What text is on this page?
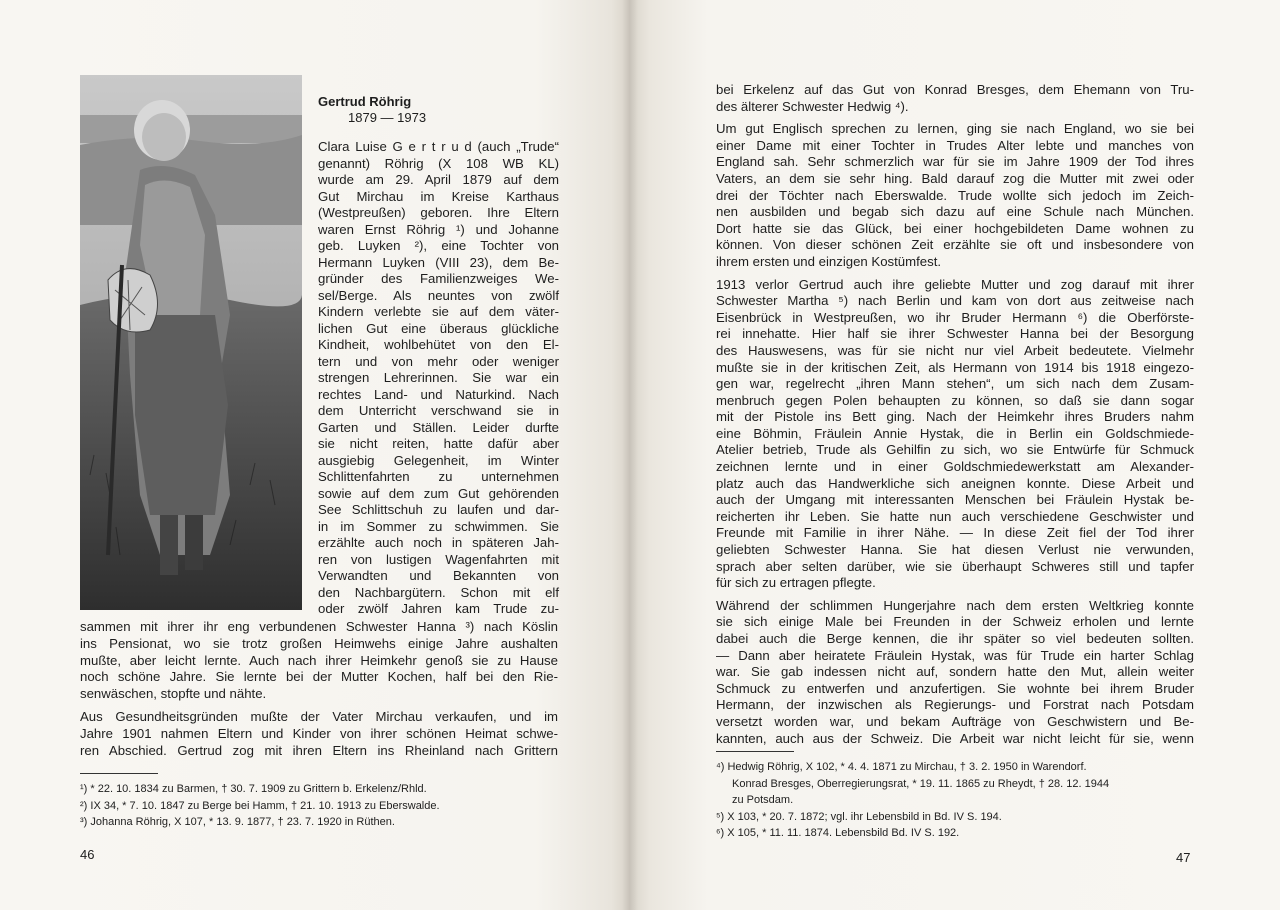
Gertrud Röhrig
1879 — 1973
Clara Luise G e r t r u d (auch „Trude“
genannt) Röhrig (X 108 WB KL)
wurde am 29. April 1879 auf dem
Gut Mirchau im Kreise Karthaus
(Westpreußen) geboren. Ihre Eltern
waren Ernst Röhrig ¹) und Johanne
geb. Luyken ²), eine Tochter von
Hermann Luyken (VIII 23), dem Be-
gründer des Familienzweiges We-
sel/Berge. Als neuntes von zwölf
Kindern verlebte sie auf dem väter-
lichen Gut eine überaus glückliche
Kindheit, wohlbehütet von den El-
tern und von mehr oder weniger
strengen Lehrerinnen. Sie war ein
rechtes Land- und Naturkind. Nach
dem Unterricht verschwand sie in
Garten und Ställen. Leider durfte
sie nicht reiten, hatte dafür aber
ausgiebig Gelegenheit, im Winter
Schlittenfahrten zu unternehmen
sowie auf dem zum Gut gehörenden
See Schlittschuh zu laufen und dar-
in im Sommer zu schwimmen. Sie
erzählte auch noch in späteren Jah-
ren von lustigen Wagenfahrten mit
Verwandten und Bekannten von
den Nachbargütern. Schon mit elf
oder zwölf Jahren kam Trude zu-
sammen mit ihrer ihr eng verbundenen Schwester Hanna ³) nach Köslin
ins Pensionat, wo sie trotz großen Heimwehs einige Jahre aushalten
mußte, aber leicht lernte. Auch nach ihrer Heimkehr genoß sie zu Hause
noch schöne Jahre. Sie lernte bei der Mutter Kochen, half bei den Rie-
senwäschen, stopfte und nähte.
Aus Gesundheitsgründen mußte der Vater Mirchau verkaufen, und im
Jahre 1901 nahmen Eltern und Kinder von ihrer schönen Heimat schwe-
ren Abschied. Gertrud zog mit ihren Eltern ins Rheinland nach Grittern
¹) * 22. 10. 1834 zu Barmen, † 30. 7. 1909 zu Grittern b. Erkelenz/Rhld.
²) IX 34, * 7. 10. 1847 zu Berge bei Hamm, † 21. 10. 1913 zu Eberswalde.
³) Johanna Röhrig, X 107, * 13. 9. 1877, † 23. 7. 1920 in Rüthen.
46	47
bei Erkelenz auf das Gut von Konrad Bresges, dem Ehemann von Tru-
des älterer Schwester Hedwig ⁴).
Um gut Englisch sprechen zu lernen, ging sie nach England, wo sie bei
einer Dame mit einer Tochter in Trudes Alter lebte und manches von
England sah. Sehr schmerzlich war für sie im Jahre 1909 der Tod ihres
Vaters, an dem sie sehr hing. Bald darauf zog die Mutter mit zwei oder
drei der Töchter nach Eberswalde. Trude wollte sich jedoch im Zeich-
nen ausbilden und begab sich dazu auf eine Schule nach München.
Dort hatte sie das Glück, bei einer hochgebildeten Dame wohnen zu
können. Von dieser schönen Zeit erzählte sie oft und insbesondere von
ihrem ersten und einzigen Kostümfest.
1913 verlor Gertrud auch ihre geliebte Mutter und zog darauf mit ihrer
Schwester Martha ⁵) nach Berlin und kam von dort aus zeitweise nach
Eisenbrück in Westpreußen, wo ihr Bruder Hermann ⁶) die Oberförste-
rei innehatte. Hier half sie ihrer Schwester Hanna bei der Besorgung
des Hauswesens, was für sie nicht nur viel Arbeit bedeutete. Vielmehr
mußte sie in der kritischen Zeit, als Hermann von 1914 bis 1918 eingezo-
gen war, regelrecht „ihren Mann stehen“, um sich nach dem Zusam-
menbruch gegen Polen behaupten zu können, so daß sie dann sogar
mit der Pistole ins Bett ging. Nach der Heimkehr ihres Bruders nahm
eine Böhmin, Fräulein Annie Hystak, die in Berlin ein Goldschmiede-
Atelier betrieb, Trude als Gehilfin zu sich, wo sie Entwürfe für Schmuck
zeichnen lernte und in einer Goldschmiedewerkstatt am Alexander-
platz auch das Handwerkliche sich aneignen konnte. Diese Arbeit und
auch der Umgang mit interessanten Menschen bei Fräulein Hystak be-
reicherten ihr Leben. Sie hatte nun auch verschiedene Geschwister und
Freunde mit Familie in ihrer Nähe. — In diese Zeit fiel der Tod ihrer
geliebten Schwester Hanna. Sie hat diesen Verlust nie verwunden,
sprach aber selten darüber, wie sie überhaupt Schweres still und tapfer
für sich zu ertragen pflegte.
Während der schlimmen Hungerjahre nach dem ersten Weltkrieg konnte
sie sich einige Male bei Freunden in der Schweiz erholen und lernte
dabei auch die Berge kennen, die ihr später so viel bedeuten sollten.
— Dann aber heiratete Fräulein Hystak, was für Trude ein harter Schlag
war. Sie gab indessen nicht auf, sondern hatte den Mut, allein weiter
Schmuck zu entwerfen und anzufertigen. Sie wohnte bei ihrem Bruder
Hermann, der inzwischen als Regierungs- und Forstrat nach Potsdam
versetzt worden war, und bekam Aufträge von Geschwistern und Be-
kannten, auch aus der Schweiz. Die Arbeit war nicht leicht für sie, wenn
⁴) Hedwig Röhrig, X 102, * 4. 4. 1871 zu Mirchau, † 3. 2. 1950 in Warendorf.
Konrad Bresges, Oberregierungsrat, * 19. 11. 1865 zu Rheydt, † 28. 12. 1944
zu Potsdam.
⁵) X 103, * 20. 7. 1872; vgl. ihr Lebensbild in Bd. IV S. 194.
⁶) X 105, * 11. 11. 1874. Lebensbild Bd. IV S. 192.
